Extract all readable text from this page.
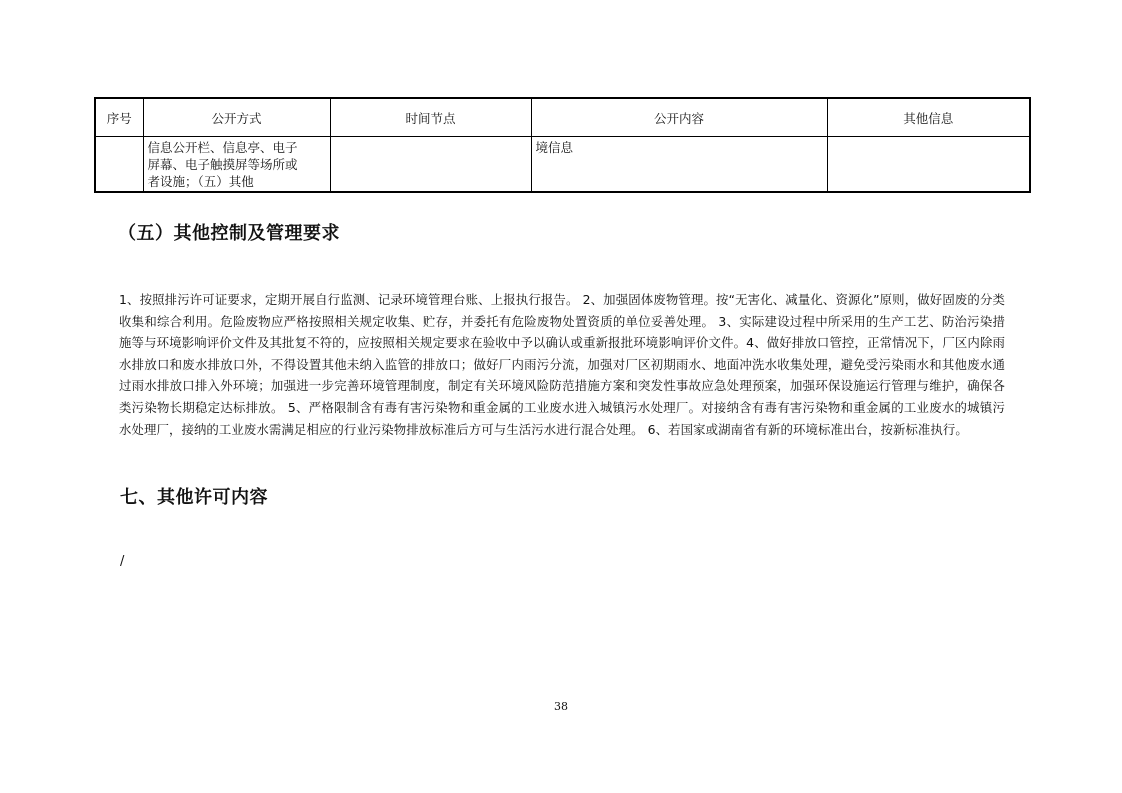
序号	公开方式	时间节点	公开内容	其他信息

	信息公开栏、信息亭、电子
屏幕、电子触摸屏等场所或
者设施；（五）其他		境信息	

（五）其他控制及管理要求

1、按照排污许可证要求，定期开展自行监测、记录环境管理台账、上报执行报告。 2、加强固体废物管理。按“无害化、减量化、资源化”原则，做好固废的分类收集和综合利用。危险废物应严格按照相关规定收集、贮存，并委托有危险废物处置资质的单位妥善处理。 3、实际建设过程中所采用的生产工艺、防治污染措施等与环境影响评价文件及其批复不符的，应按照相关规定要求在验收中予以确认或重新报批环境影响评价文件。4、做好排放口管控，正常情况下，厂区内除雨水排放口和废水排放口外，不得设置其他未纳入监管的排放口；做好厂内雨污分流，加强对厂区初期雨水、地面冲洗水收集处理，避免受污染雨水和其他废水通过雨水排放口排入外环境；加强进一步完善环境管理制度，制定有关环境风险防范措施方案和突发性事故应急处理预案，加强环保设施运行管理与维护，确保各类污染物长期稳定达标排放。 5、严格限制含有毒有害污染物和重金属的工业废水进入城镇污水处理厂。对接纳含有毒有害污染物和重金属的工业废水的城镇污水处理厂，接纳的工业废水需满足相应的行业污染物排放标准后方可与生活污水进行混合处理。 6、若国家或湖南省有新的环境标准出台，按新标准执行。

七、其他许可内容
/
38
